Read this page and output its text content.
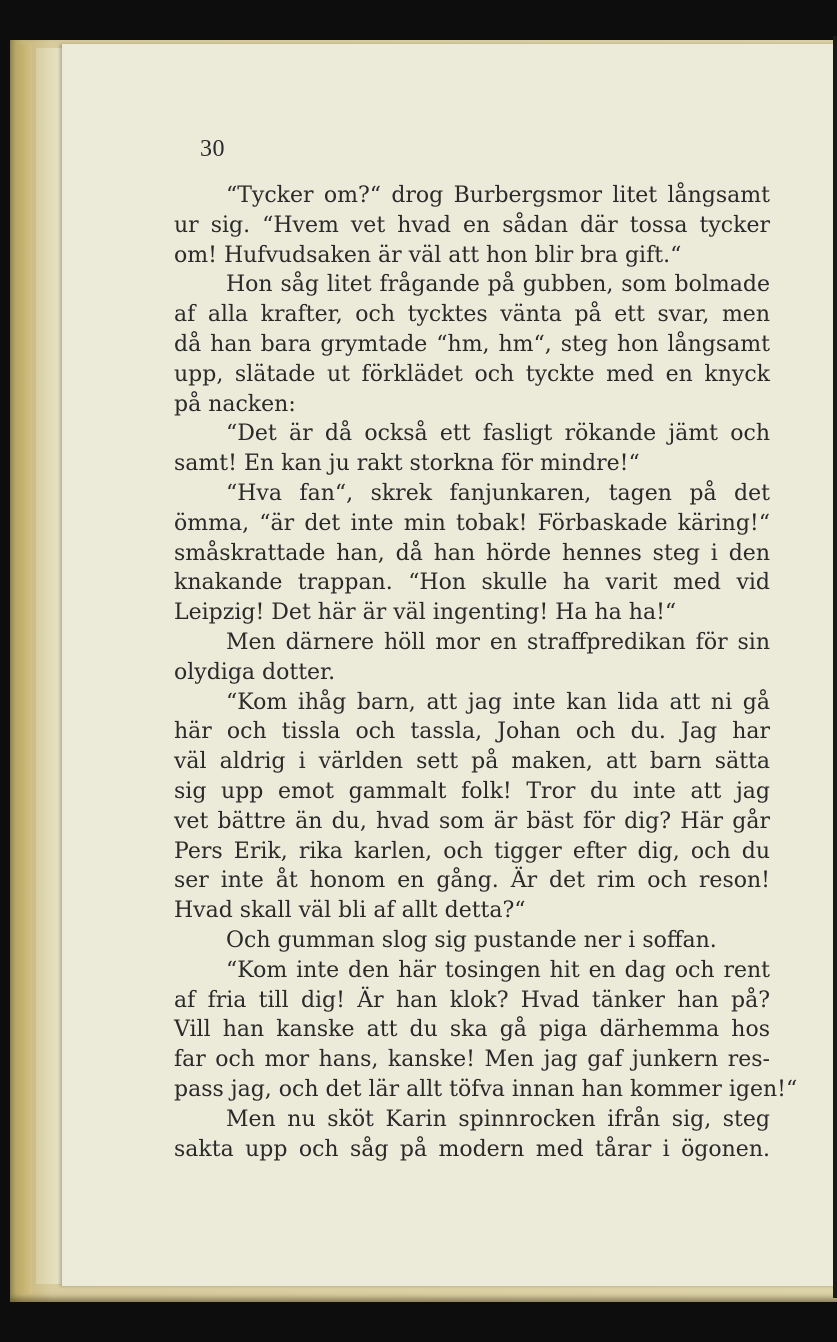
30
“Tycker om?“ drog Burbergsmor litet långsamt
ur sig. “Hvem vet hvad en sådan där tossa tycker
om! Hufvudsaken är väl att hon blir bra gift.“
Hon såg litet frågande på gubben, som bolmade
af alla krafter, och tycktes vänta på ett svar, men
då han bara grymtade “hm, hm“, steg hon långsamt
upp, slätade ut förklädet och tyckte med en knyck
på nacken:
“Det är då också ett fasligt rökande jämt och
samt! En kan ju rakt storkna för mindre!“
“Hva fan“, skrek fanjunkaren, tagen på det
ömma, “är det inte min tobak! Förbaskade käring!“
småskrattade han, då han hörde hennes steg i den
knakande trappan. “Hon skulle ha varit med vid
Leipzig! Det här är väl ingenting! Ha ha ha!“
Men därnere höll mor en straffpredikan för sin
olydiga dotter.
“Kom ihåg barn, att jag inte kan lida att ni gå
här och tissla och tassla, Johan och du. Jag har
väl aldrig i världen sett på maken, att barn sätta
sig upp emot gammalt folk! Tror du inte att jag
vet bättre än du, hvad som är bäst för dig? Här går
Pers Erik, rika karlen, och tigger efter dig, och du
ser inte åt honom en gång. Är det rim och reson!
Hvad skall väl bli af allt detta?“
Och gumman slog sig pustande ner i soffan.
“Kom inte den här tosingen hit en dag och rent
af fria till dig! Är han klok? Hvad tänker han på?
Vill han kanske att du ska gå piga därhemma hos
far och mor hans, kanske! Men jag gaf junkern res-
pass jag, och det lär allt töfva innan han kommer igen!“
Men nu sköt Karin spinnrocken ifrån sig, steg
sakta upp och såg på modern med tårar i ögonen.
